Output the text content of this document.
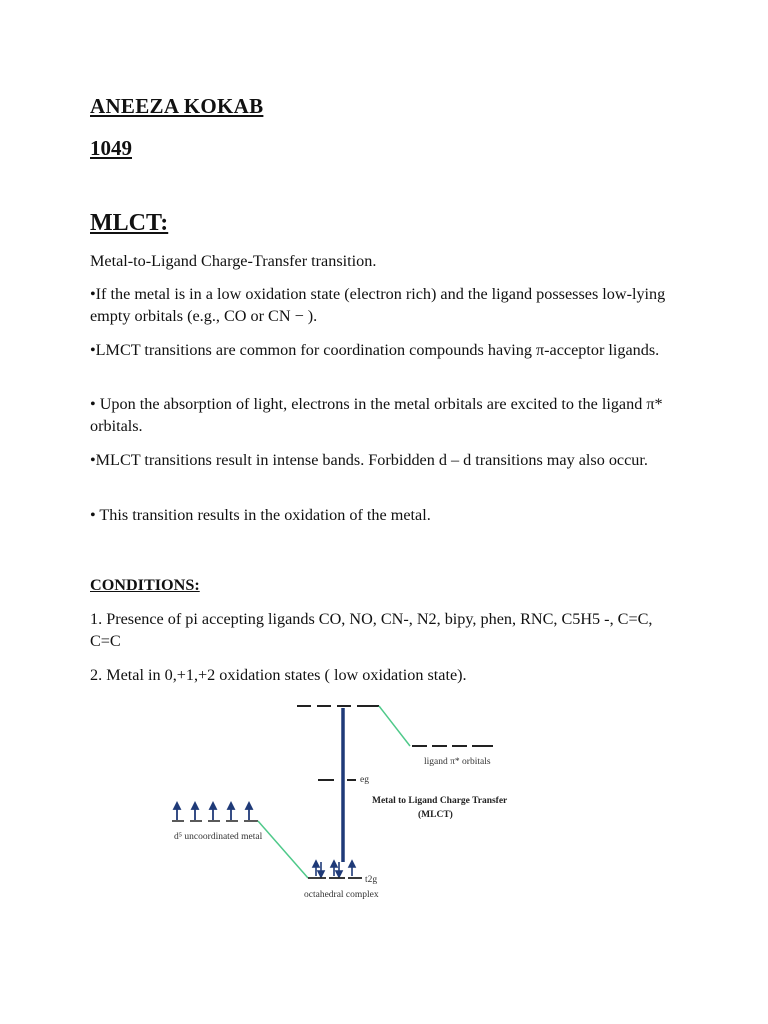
ANEEZA KOKAB
1049
MLCT:

Metal-to-Ligand Charge-Transfer transition.

•If the metal is in a low oxidation state (electron rich) and the ligand possesses low-lying empty orbitals (e.g., CO or CN − ).

•LMCT transitions are common for coordination compounds having π-acceptor ligands.

• Upon the absorption of light, electrons in the metal orbitals are excited to the ligand π* orbitals.

•MLCT transitions result in intense bands. Forbidden d – d transitions may also occur.

• This transition results in the oxidation of the metal.

CONDITIONS:

1. Presence of pi accepting ligands CO, NO, CN-, N2, bipy, phen, RNC, C5H5 -, C=C, C=C

2. Metal in 0,+1,+2 oxidation states ( low oxidation state).

ligand π* orbitals
eg
Metal to Ligand Charge Transfer
(MLCT)
d⁵ uncoordinated metal
t2g
octahedral complex
